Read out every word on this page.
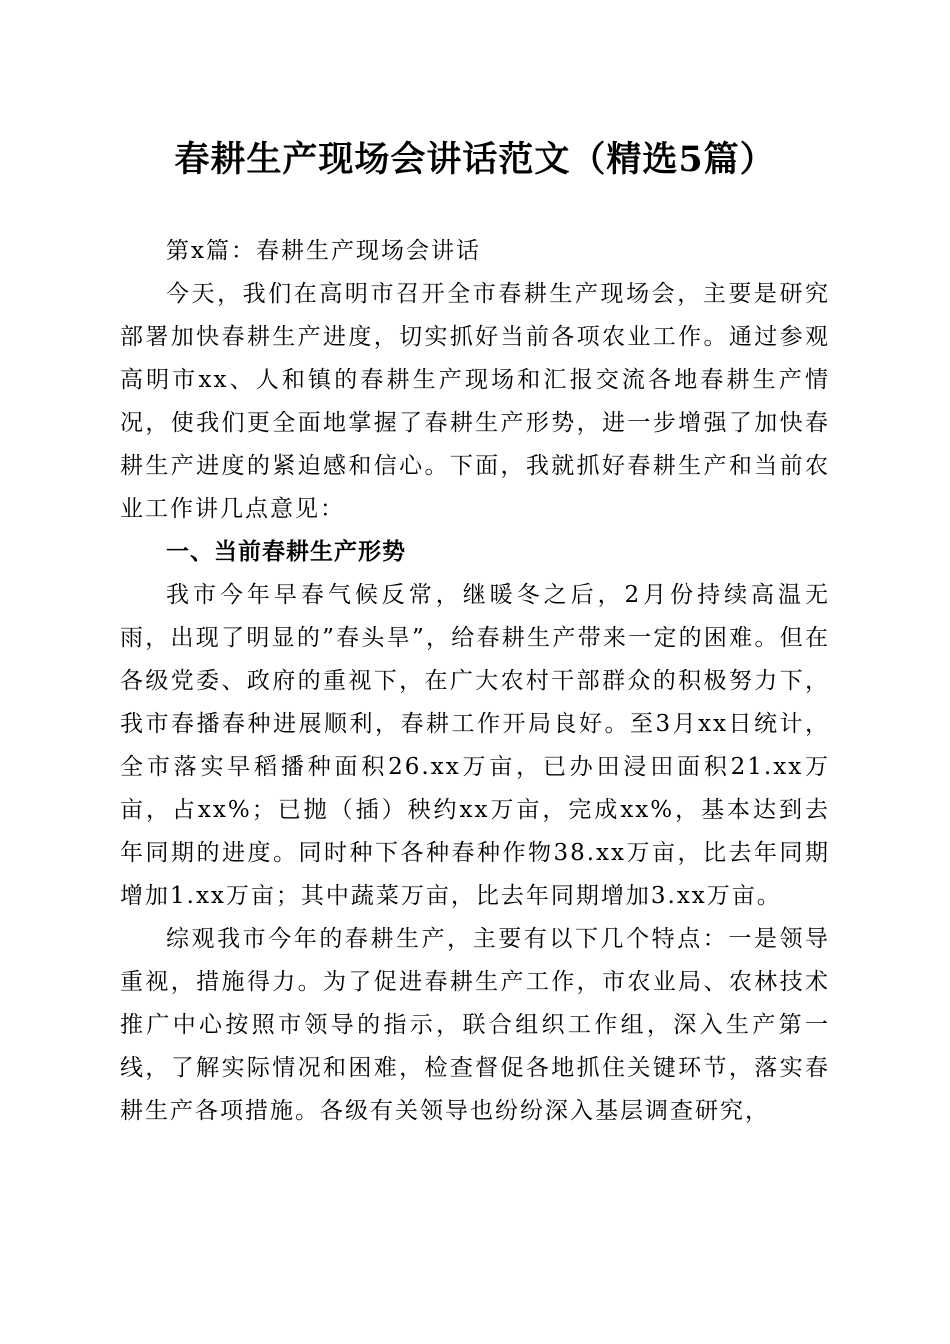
春耕生产现场会讲话范文（精选5篇）

第x篇：春耕生产现场会讲话

今天，我们在高明市召开全市春耕生产现场会，主要是研究部署加快春耕生产进度，切实抓好当前各项农业工作。通过参观高明市xx、人和镇的春耕生产现场和汇报交流各地春耕生产情况，使我们更全面地掌握了春耕生产形势，进一步增强了加快春耕生产进度的紧迫感和信心。下面，我就抓好春耕生产和当前农业工作讲几点意见：

一、当前春耕生产形势

我市今年早春气候反常，继暖冬之后，2月份持续高温无雨，出现了明显的”春头旱”，给春耕生产带来一定的困难。但在各级党委、政府的重视下，在广大农村干部群众的积极努力下，我市春播春种进展顺利，春耕工作开局良好。至3月xx日统计，全市落实早稻播种面积26.xx万亩，已办田浸田面积21.xx万亩，占xx%；已抛（插）秧约xx万亩，完成xx%，基本达到去年同期的进度。同时种下各种春种作物38.xx万亩，比去年同期增加1.xx万亩；其中蔬菜万亩，比去年同期增加3.xx万亩。

综观我市今年的春耕生产，主要有以下几个特点：一是领导重视，措施得力。为了促进春耕生产工作，市农业局、农林技术推广中心按照市领导的指示，联合组织工作组，深入生产第一线，了解实际情况和困难，检查督促各地抓住关键环节，落实春耕生产各项措施。各级有关领导也纷纷深入基层调查研究，
